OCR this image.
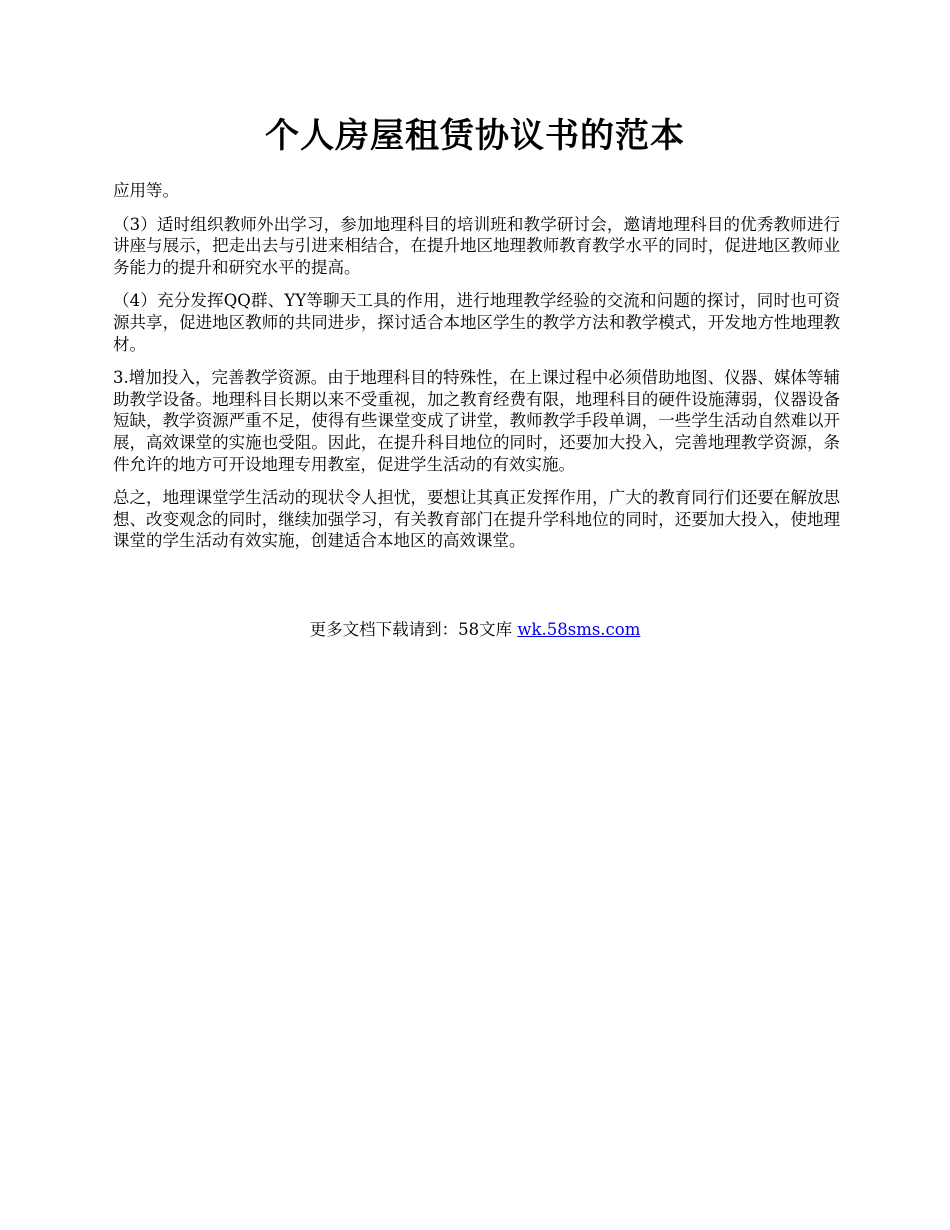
个人房屋租赁协议书的范本

应用等。

（3）适时组织教师外出学习，参加地理科目的培训班和教学研讨会，邀请地理科目的优秀教师进行讲座与展示，把走出去与引进来相结合，在提升地区地理教师教育教学水平的同时，促进地区教师业务能力的提升和研究水平的提高。

（4）充分发挥QQ群、YY等聊天工具的作用，进行地理教学经验的交流和问题的探讨，同时也可资源共享，促进地区教师的共同进步，探讨适合本地区学生的教学方法和教学模式，开发地方性地理教材。

3.增加投入，完善教学资源。由于地理科目的特殊性，在上课过程中必须借助地图、仪器、媒体等辅助教学设备。地理科目长期以来不受重视，加之教育经费有限，地理科目的硬件设施薄弱，仪器设备短缺，教学资源严重不足，使得有些课堂变成了讲堂，教师教学手段单调，一些学生活动自然难以开展，高效课堂的实施也受阻。因此，在提升科目地位的同时，还要加大投入，完善地理教学资源，条件允许的地方可开设地理专用教室，促进学生活动的有效实施。

总之，地理课堂学生活动的现状令人担忧，要想让其真正发挥作用，广大的教育同行们还要在解放思想、改变观念的同时，继续加强学习，有关教育部门在提升学科地位的同时，还要加大投入，使地理课堂的学生活动有效实施，创建适合本地区的高效课堂。

更多文档下载请到：58文库 wk.58sms.com
